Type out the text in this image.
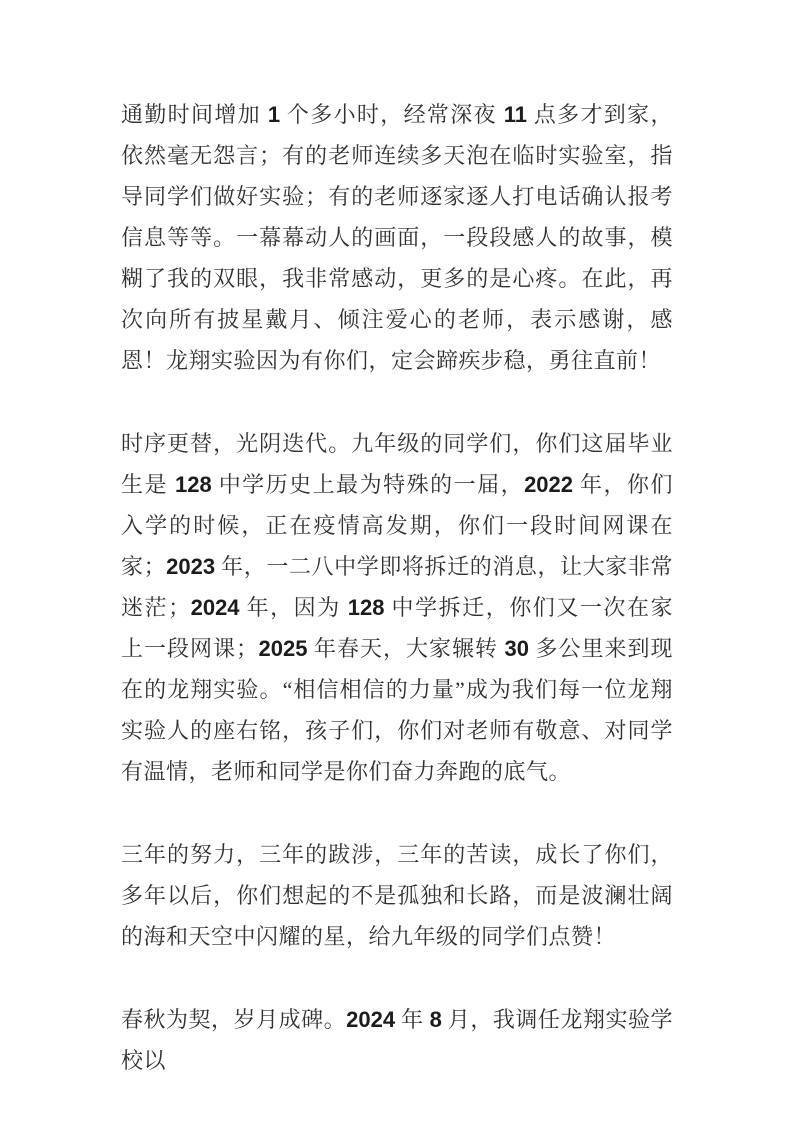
通勤时间增加 1 个多小时，经常深夜 11 点多才到家，依然毫无怨言；有的老师连续多天泡在临时实验室，指导同学们做好实验；有的老师逐家逐人打电话确认报考信息等等。一幕幕动人的画面，一段段感人的故事，模糊了我的双眼，我非常感动，更多的是心疼。在此，再次向所有披星戴月、倾注爱心的老师，表示感谢，感恩！龙翔实验因为有你们，定会蹄疾步稳，勇往直前！

时序更替，光阴迭代。九年级的同学们，你们这届毕业生是 128 中学历史上最为特殊的一届，2022 年，你们入学的时候，正在疫情高发期，你们一段时间网课在家；2023 年，一二八中学即将拆迁的消息，让大家非常迷茫；2024 年，因为 128 中学拆迁，你们又一次在家上一段网课；2025 年春天，大家辗转 30 多公里来到现在的龙翔实验。“相信相信的力量”成为我们每一位龙翔实验人的座右铭，孩子们，你们对老师有敬意、对同学有温情，老师和同学是你们奋力奔跑的底气。

三年的努力，三年的跋涉，三年的苦读，成长了你们，多年以后，你们想起的不是孤独和长路，而是波澜壮阔的海和天空中闪耀的星，给九年级的同学们点赞！

春秋为契，岁月成碑。2024 年 8 月，我调任龙翔实验学校以
